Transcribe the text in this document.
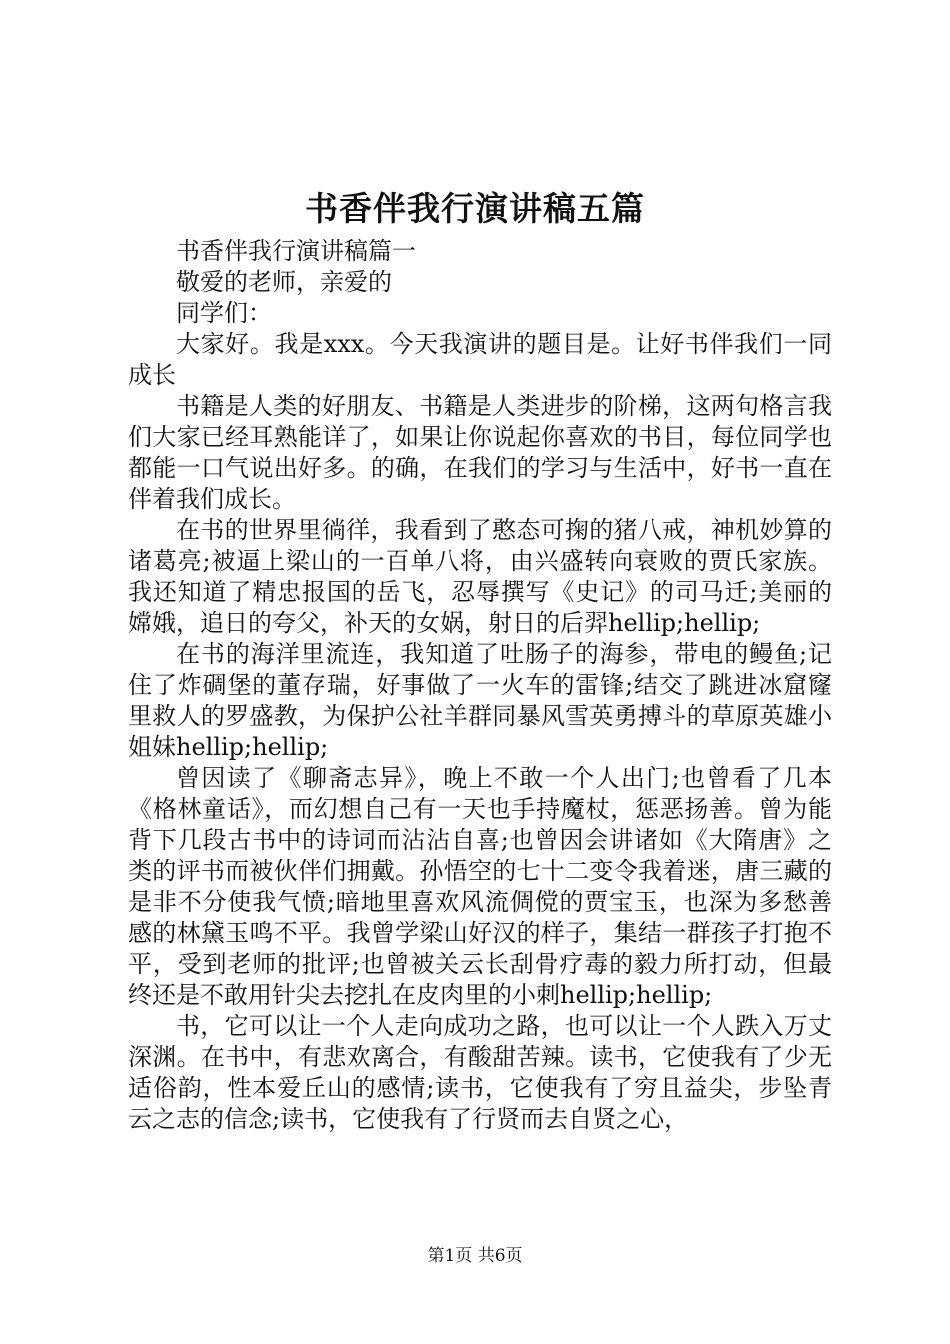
书香伴我行演讲稿五篇

书香伴我行演讲稿篇一

敬爱的老师，亲爱的

同学们：

大家好。我是xxx。今天我演讲的题目是。让好书伴我们一同成长

书籍是人类的好朋友、书籍是人类进步的阶梯，这两句格言我们大家已经耳熟能详了，如果让你说起你喜欢的书目，每位同学也都能一口气说出好多。的确，在我们的学习与生活中，好书一直在伴着我们成长。

在书的世界里徜徉，我看到了憨态可掬的猪八戒，神机妙算的诸葛亮;被逼上梁山的一百单八将，由兴盛转向衰败的贾氏家族。我还知道了精忠报国的岳飞，忍辱撰写《史记》的司马迁;美丽的嫦娥，追日的夸父，补天的女娲，射日的后羿hellip;hellip;

在书的海洋里流连，我知道了吐肠子的海参，带电的鳗鱼;记住了炸碉堡的董存瑞，好事做了一火车的雷锋;结交了跳进冰窟窿里救人的罗盛教，为保护公社羊群同暴风雪英勇搏斗的草原英雄小姐妹hellip;hellip;

曾因读了《聊斋志异》，晚上不敢一个人出门;也曾看了几本《格林童话》，而幻想自己有一天也手持魔杖，惩恶扬善。曾为能背下几段古书中的诗词而沾沾自喜;也曾因会讲诸如《大隋唐》之类的评书而被伙伴们拥戴。孙悟空的七十二变令我着迷，唐三藏的是非不分使我气愤;暗地里喜欢风流倜傥的贾宝玉，也深为多愁善感的林黛玉鸣不平。我曾学梁山好汉的样子，集结一群孩子打抱不平，受到老师的批评;也曾被关云长刮骨疗毒的毅力所打动，但最终还是不敢用针尖去挖扎在皮肉里的小刺hellip;hellip;

书，它可以让一个人走向成功之路，也可以让一个人跌入万丈深渊。在书中，有悲欢离合，有酸甜苦辣。读书，它使我有了少无适俗韵，性本爱丘山的感情;读书，它使我有了穷且益尖，步坠青云之志的信念;读书，它使我有了行贤而去自贤之心，

第1页 共6页
